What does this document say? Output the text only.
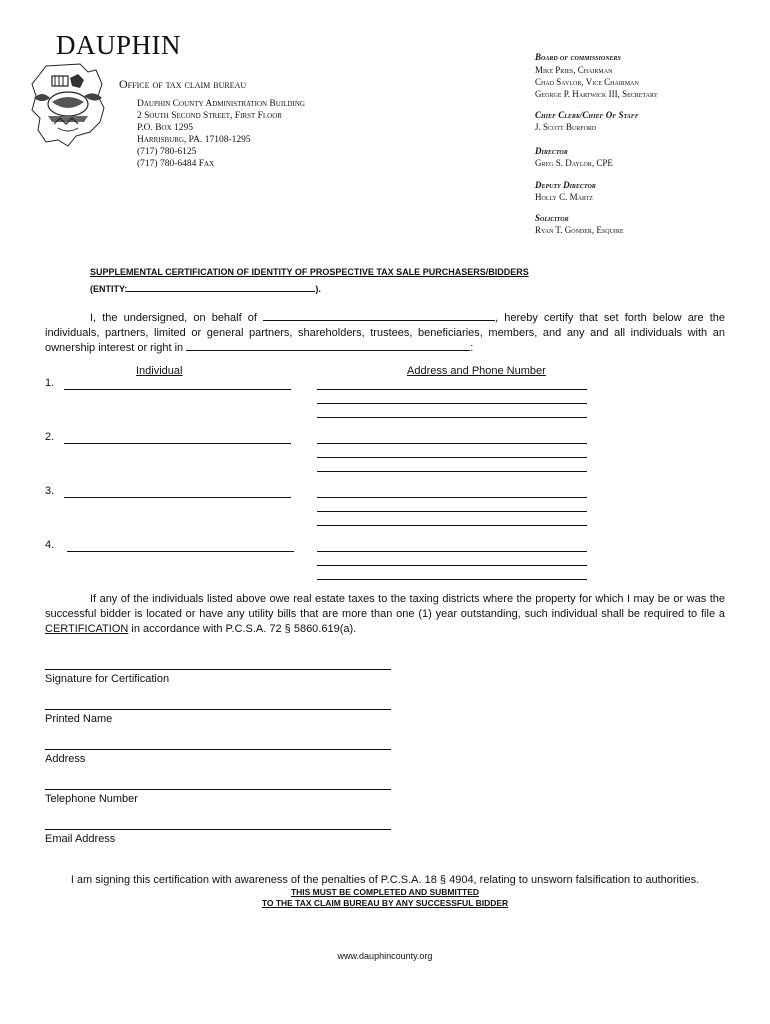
DAUPHIN
Office of tax claim bureau
Dauphin County Administration Building
2 South Second Street, First Floor
P.O. Box 1295
Harrisburg, PA. 17108-1295
(717) 780-6125
(717) 780-6484 Fax
Board of commissioners
Mike Pries, Chairman
Chad Saylor, Vice Chairman
George P. Hartwick III, Secretary
Chief Clerk/Chief Of Staff
J. Scott Burford
Director
Greg S. Daylor, CPE
Deputy Director
Holly C. Martz
Solicitor
Ryan T. Gonder, Esquire
SUPPLEMENTAL CERTIFICATION OF IDENTITY OF PROSPECTIVE TAX SALE PURCHASERS/BIDDERS
(ENTITY:	).
I, the undersigned, on behalf of	, hereby certify that set forth below are the individuals, partners, limited or general partners, shareholders, trustees, beneficiaries, members, and any and all individuals with an ownership interest or right in	:
Individual	Address and Phone Number
1.
2.
3.
4.
If any of the individuals listed above owe real estate taxes to the taxing districts where the property for which I may be or was the successful bidder is located or have any utility bills that are more than one (1) year outstanding, such individual shall be required to file a CERTIFICATION in accordance with P.C.S.A. 72 § 5860.619(a).
Signature for Certification
Printed Name
Address
Telephone Number
Email Address
I am signing this certification with awareness of the penalties of P.C.S.A. 18 § 4904, relating to unsworn falsification to authorities.
THIS MUST BE COMPLETED AND SUBMITTED
TO THE TAX CLAIM BUREAU BY ANY SUCCESSFUL BIDDER
www.dauphincounty.org
